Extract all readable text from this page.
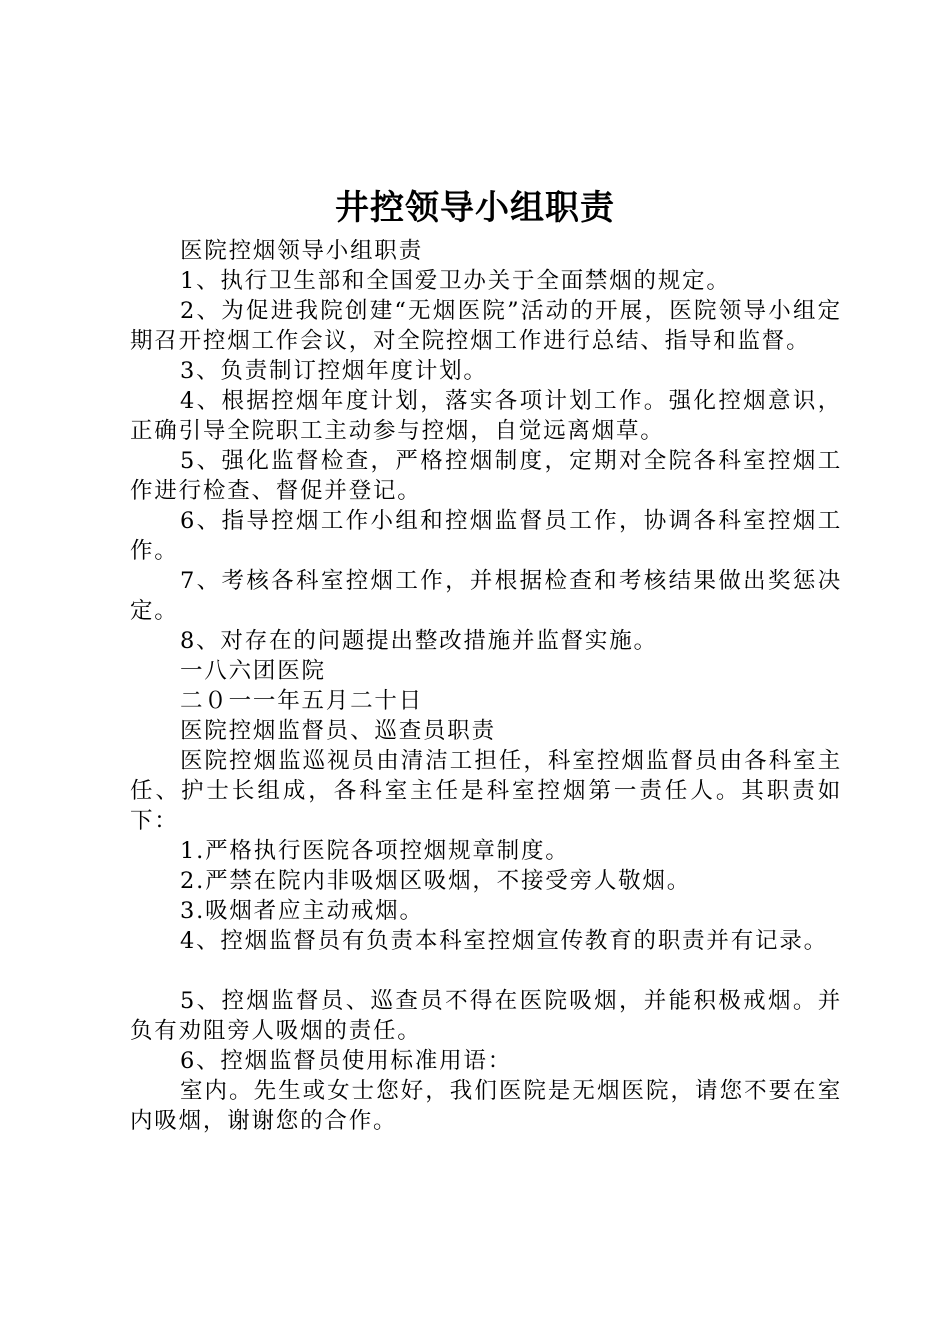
井控领导小组职责

医院控烟领导小组职责

1、执行卫生部和全国爱卫办关于全面禁烟的规定。

2、为促进我院创建“无烟医院”活动的开展，医院领导小组定期召开控烟工作会议，对全院控烟工作进行总结、指导和监督。

3、负责制订控烟年度计划。

4、根据控烟年度计划，落实各项计划工作。强化控烟意识，正确引导全院职工主动参与控烟，自觉远离烟草。

5、强化监督检查，严格控烟制度，定期对全院各科室控烟工作进行检查、督促并登记。

6、指导控烟工作小组和控烟监督员工作，协调各科室控烟工作。

7、考核各科室控烟工作，并根据检查和考核结果做出奖惩决定。

8、对存在的问题提出整改措施并监督实施。

一八六团医院

二０一一年五月二十日

医院控烟监督员、巡查员职责

医院控烟监巡视员由清洁工担任，科室控烟监督员由各科室主任、护士长组成，各科室主任是科室控烟第一责任人。其职责如下：

1.严格执行医院各项控烟规章制度。

2.严禁在院内非吸烟区吸烟，不接受旁人敬烟。

3.吸烟者应主动戒烟。

4、控烟监督员有负责本科室控烟宣传教育的职责并有记录。

5、控烟监督员、巡查员不得在医院吸烟，并能积极戒烟。并负有劝阻旁人吸烟的责任。

6、控烟监督员使用标准用语：

室内。先生或女士您好，我们医院是无烟医院，请您不要在室内吸烟，谢谢您的合作。
